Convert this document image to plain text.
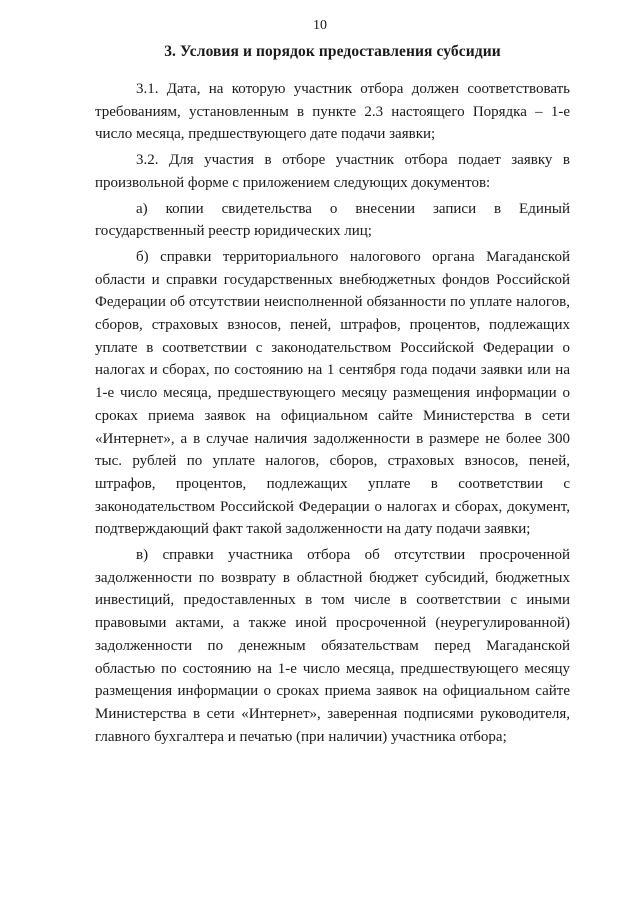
10
3. Условия и порядок предоставления субсидии

3.1. Дата, на которую участник отбора должен соответствовать требованиям, установленным в пункте 2.3 настоящего Порядка – 1-е число месяца, предшествующего дате подачи заявки;

3.2. Для участия в отборе участник отбора подает заявку в произвольной форме с приложением следующих документов:

а) копии свидетельства о внесении записи в Единый государственный реестр юридических лиц;

б) справки территориального налогового органа Магаданской области и справки государственных внебюджетных фондов Российской Федерации об отсутствии неисполненной обязанности по уплате налогов, сборов, страховых взносов, пеней, штрафов, процентов, подлежащих уплате в соответствии с законодательством Российской Федерации о налогах и сборах, по состоянию на 1 сентября года подачи заявки или на 1-е число месяца, предшествующего месяцу размещения информации о сроках приема заявок на официальном сайте Министерства в сети «Интернет», а в случае наличия задолженности в размере не более 300 тыс. рублей по уплате налогов, сборов, страховых взносов, пеней, штрафов, процентов, подлежащих уплате в соответствии с законодательством Российской Федерации о налогах и сборах, документ, подтверждающий факт такой задолженности на дату подачи заявки;

в) справки участника отбора об отсутствии просроченной задолженности по возврату в областной бюджет субсидий, бюджетных инвестиций, предоставленных в том числе в соответствии с иными правовыми актами, а также иной просроченной (неурегулированной) задолженности по денежным обязательствам перед Магаданской областью по состоянию на 1-е число месяца, предшествующего месяцу размещения информации о сроках приема заявок на официальном сайте Министерства в сети «Интернет», заверенная подписями руководителя, главного бухгалтера и печатью (при наличии) участника отбора;
